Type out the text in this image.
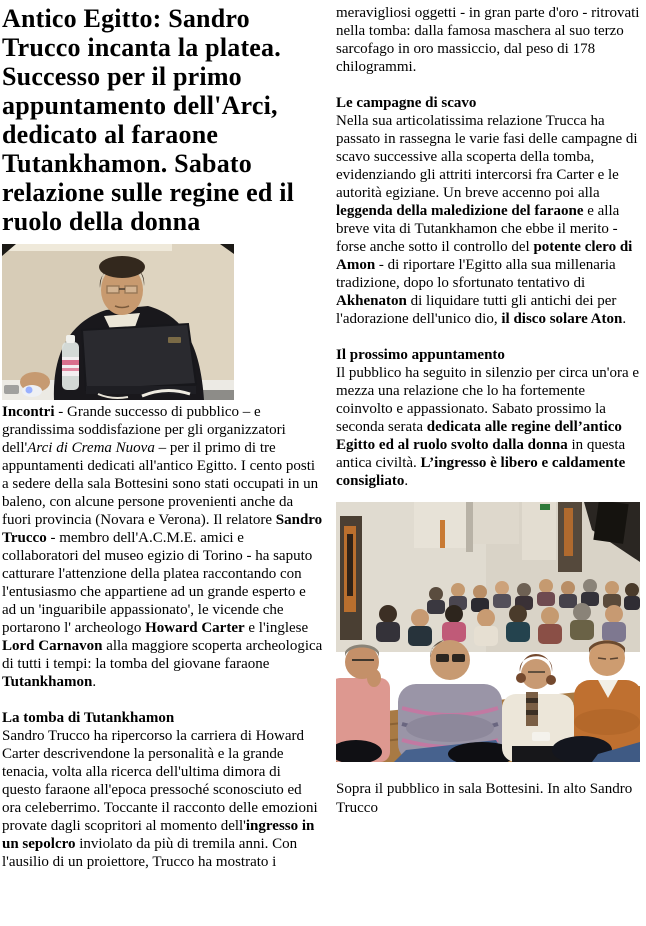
Antico Egitto: Sandro Trucco incanta la platea. Successo per il primo appuntamento dell'Arci, dedicato al faraone Tutankhamon. Sabato relazione sulle regine ed il ruolo della donna

Incontri - Grande successo di pubblico – e grandissima soddisfazione per gli organizzatori dell'Arci di Crema Nuova – per il primo di tre appuntamenti dedicati all'antico Egitto. I cento posti a sedere della sala Bottesini sono stati occupati in un baleno, con alcune persone provenienti anche da fuori provincia (Novara e Verona). Il relatore Sandro Trucco - membro dell'A.C.M.E. amici e collaboratori del museo egizio di Torino - ha saputo catturare l'attenzione della platea raccontando con l'entusiasmo che appartiene ad un grande esperto e ad un 'inguaribile appassionato', le vicende che portarono l' archeologo Howard Carter e l'inglese Lord Carnavon alla maggiore scoperta archeologica di tutti i tempi: la tomba del giovane faraone Tutankhamon.

La tomba di Tutankhamon

Sandro Trucco ha ripercorso la carriera di Howard Carter descrivendone la personalità e la grande tenacia, volta alla ricerca dell'ultima dimora di questo faraone all'epoca pressoché sconosciuto ed ora celeberrimo. Toccante il racconto delle emozioni provate dagli scopritori al momento dell'ingresso in un sepolcro inviolato da più di tremila anni. Con l'ausilio di un proiettore, Trucco ha mostrato i

meravigliosi oggetti - in gran parte d'oro - ritrovati nella tomba: dalla famosa maschera al suo terzo sarcofago in oro massiccio, dal peso di 178 chilogrammi.

Le campagne di scavo

Nella sua articolatissima relazione Trucca ha passato in rassegna le varie fasi delle campagne di scavo successive alla scoperta della tomba, evidenziando gli attriti intercorsi fra Carter e le autorità egiziane. Un breve accenno poi alla leggenda della maledizione del faraone e alla breve vita di Tutankhamon che ebbe il merito - forse anche sotto il controllo del potente clero di Amon - di riportare l'Egitto alla sua millenaria tradizione, dopo lo sfortunato tentativo di Akhenaton di liquidare tutti gli antichi dei per l'adorazione dell'unico dio, il disco solare Aton.

Il prossimo appuntamento

Il pubblico ha seguito in silenzio per circa un'ora e mezza una relazione che lo ha fortemente coinvolto e appassionato. Sabato prossimo la seconda serata dedicata alle regine dell’antico Egitto ed al ruolo svolto dalla donna in questa antica civiltà. L’ingresso è libero e caldamente consigliato.

Sopra il pubblico in sala Bottesini. In alto Sandro Trucco
